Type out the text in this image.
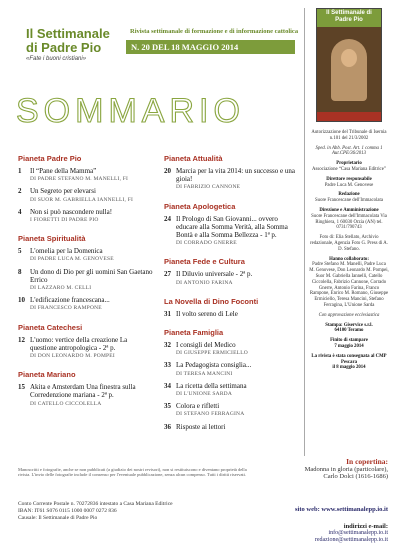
Il Settimanale
di Padre Pio
«Fate i buoni cristiani»
Rivista settimanale di formazione e di informazione cattolica
N. 20 DEL 18 MAGGIO 2014
SOMMARIO
Pianeta Padre Pio
1	Il “Pane della Mamma”
DI PADRE STEFANO M. MANELLI, FI
2	Un Segreto per elevarsi
DI SUOR M. GABRIELLA IANNELLI, FI
4	Non si può nascondere nulla!
I FIORETTI DI PADRE PIO
Pianeta Spiritualità
5	L'omelia per la Domenica
DI PADRE LUCA M. GENOVESE
8	Un dono di Dio per gli uomini San Gaetano Errico
DI LAZZARO M. CELLI
10 L'edificazione francescana...
DI FRANCESCO RAMPONE
Pianeta Catechesi
12 L'uomo: vertice della creazione La questione antropologica - 2ª p.
DI DON LEONARDO M. POMPEI
Pianeta Mariano
15 Akita e Amsterdam Una finestra sulla Corredenzione mariana - 2ª p.
DI CATELLO CICCOLELLA
Pianeta Attualità
20 Marcia per la vita 2014: un successo e una gioia!
DI FABRIZIO CANNONE
Pianeta Apologetica
24 Il Prologo di San Giovanni... ovvero educare alla Somma Verità, alla Somma Bontà e alla Somma Bellezza - 1ª p.
DI CORRADO GNERRE
Pianeta Fede e Cultura
27 Il Diluvio universale - 2ª p.
DI ANTONIO FARINA
La Novella di Dino Foconti
31 Il volto sereno di Lele
Pianeta Famiglia
32 I consigli del Medico
DI GIUSEPPE ERMICIELLO
33 La Pedagogista consiglia...
DI TERESA MANCINI
34 La ricetta della settimana
DI L'UNIONE SARDA
35 Colora e rifletti
DI STEFANO FERRAGINA
36 Risposte ai lettori
Manoscritti e fotografie, anche se non pubblicati (a giudizio dei nostri revisori), non si restituiscono e diventano proprietà della rivista. L'invio delle fotografie include il consenso per l'eventuale pubblicazione, senza alcun compenso. Tutti i diritti riservati.
Conto Corrente Postale n. 70272836 intestato a Casa Mariana Editrice
IBAN: IT61 S076 0115 1000 0007 0272 836
Causale: Il Settimanale di Padre Pio
In copertina:
Madonna in gloria (particolare),
Carlo Dolci (1616-1686)
sito web: www.settimanalepp.io.it
indirizzi e-mail:
info@settimanalepp.io.it
redazione@settimanalepp.io.it
Il Settimanale di Padre Pio

Autorizzazione del Tribunale di Isernia n.101 del 21/3/2002

Sped. in Abb. Post. Art. 1 comma 1 Aut.CPE/36/2013

Proprietario
Associazione “Casa Mariana Editrice”

Direttore responsabile
Padre Luca M. Genovese

Redazione
Suore Francescane dell'Immacolata

Direzione e Amministrazione
Suore Francescane dell'Immacolata Via Ringhiera, 1 60030 Orzia (AN) tel. 0731/790743

Foto di: Elia Stellato, Archivio redazionale, Agenzia Foto G. Press di A. D. Stefano.

Hanno collaborato:
Padre Stefano M. Manelli, Padre Luca M. Genovese, Don Leonardo M. Pompei, Suor M. Gabriella Iannelli, Catello Ciccolella, Fabrizio Cannone, Corrado Gnerre, Antonio Farina, Franco Rampone, Enrico M. Romano, Giuseppe Ermiciello, Teresa Mancini, Stefano Ferragina, L'Unione Sarda

Con approvazione ecclesiastica

Stampa: Giservice s.r.l.
64100 Teramo

Finito di stampare
7 maggio 2014

La rivista è stata consegnata al CMP Pescara
il 8 maggio 2014
